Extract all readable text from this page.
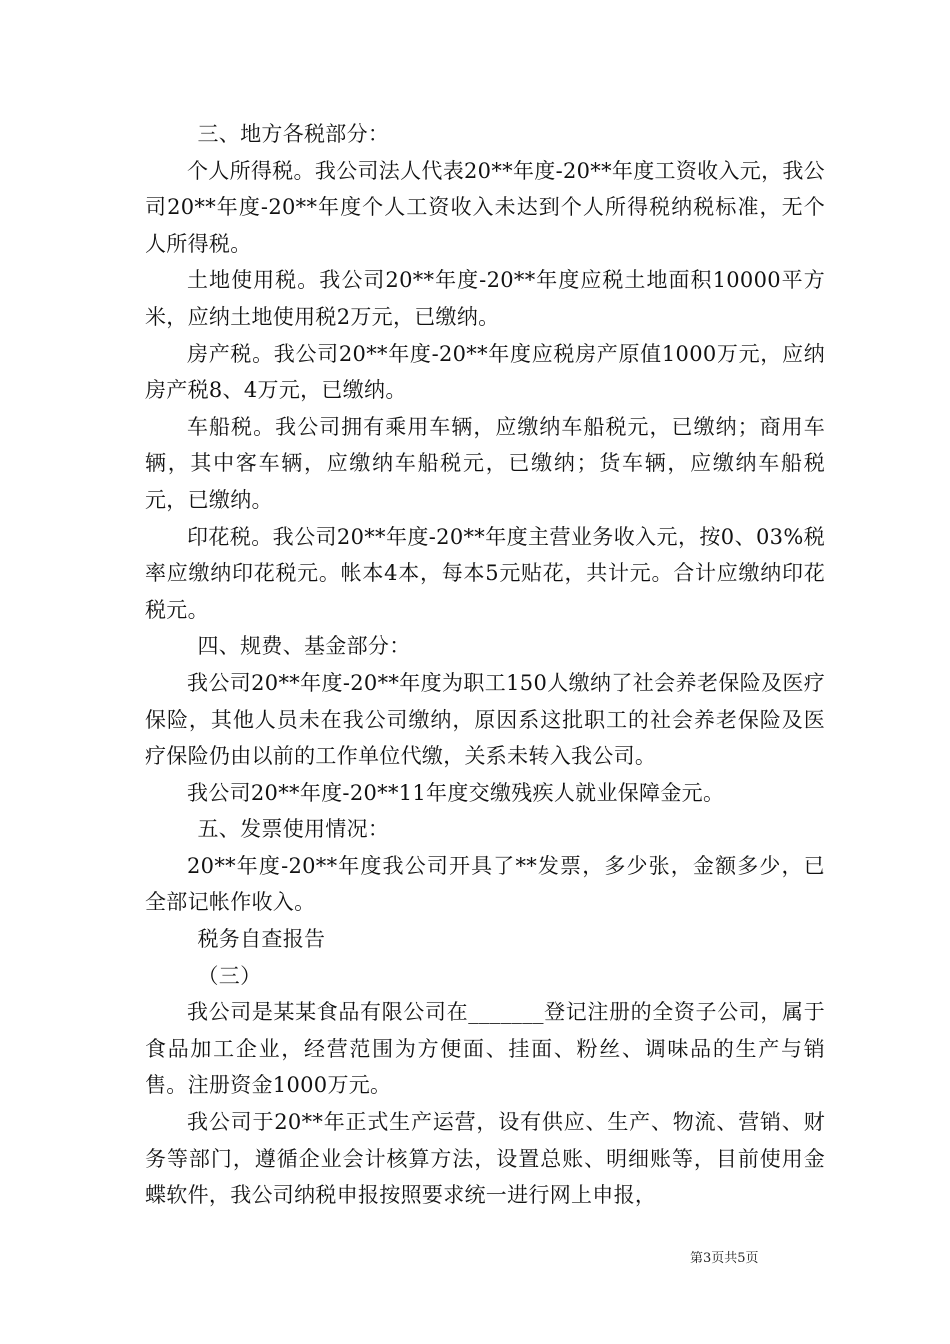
三、地方各税部分：

个人所得税。我公司法人代表20**年度-20**年度工资收入元，我公司20**年度-20**年度个人工资收入未达到个人所得税纳税标准，无个人所得税。

土地使用税。我公司20**年度-20**年度应税土地面积10000平方米，应纳土地使用税2万元，已缴纳。

房产税。我公司20**年度-20**年度应税房产原值1000万元，应纳房产税8、4万元，已缴纳。

车船税。我公司拥有乘用车辆，应缴纳车船税元，已缴纳；商用车辆，其中客车辆，应缴纳车船税元，已缴纳；货车辆，应缴纳车船税元，已缴纳。

印花税。我公司20**年度-20**年度主营业务收入元，按0、03%税率应缴纳印花税元。帐本4本，每本5元贴花，共计元。合计应缴纳印花税元。

四、规费、基金部分：

我公司20**年度-20**年度为职工150人缴纳了社会养老保险及医疗保险，其他人员未在我公司缴纳，原因系这批职工的社会养老保险及医疗保险仍由以前的工作单位代缴，关系未转入我公司。

我公司20**年度-20**11年度交缴残疾人就业保障金元。

五、发票使用情况：

20**年度-20**年度我公司开具了**发票，多少张，金额多少，已全部记帐作收入。

税务自查报告

（三）

我公司是某某食品有限公司在_______登记注册的全资子公司，属于食品加工企业，经营范围为方便面、挂面、粉丝、调味品的生产与销售。注册资金1000万元。

我公司于20**年正式生产运营，设有供应、生产、物流、营销、财务等部门，遵循企业会计核算方法，设置总账、明细账等，目前使用金蝶软件，我公司纳税申报按照要求统一进行网上申报，

第3页共5页
